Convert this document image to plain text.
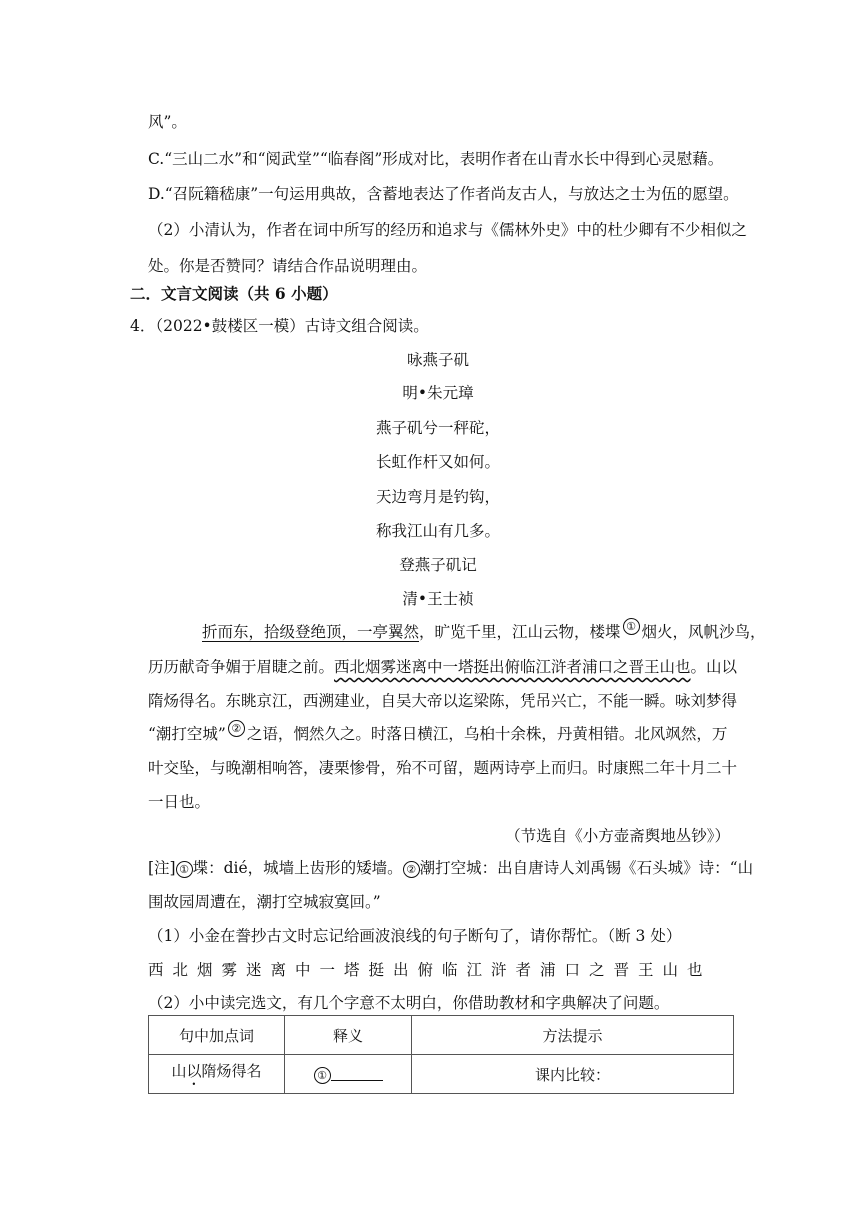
风”。
C.“三山二水”和“阅武堂”“临春阁”形成对比，表明作者在山青水长中得到心灵慰藉。
D.“召阮籍嵇康”一句运用典故，含蓄地表达了作者尚友古人，与放达之士为伍的愿望。
（2）小清认为，作者在词中所写的经历和追求与《儒林外史》中的杜少卿有不少相似之
处。你是否赞同？请结合作品说明理由。
二．文言文阅读（共 6 小题）
4．（2022•鼓楼区一模）古诗文组合阅读。
咏燕子矶
明•朱元璋
燕子矶兮一秤砣，
长虹作杆又如何。
天边弯月是钓钩，
称我江山有几多。
登燕子矶记
清•王士祯
折而东，拾级登绝顶，一亭翼然，旷览千里，江山云物，楼堞 ① 烟火，风帆沙鸟，
历历献奇争媚于眉睫之前。西北烟雾迷离中一塔挺出俯临江浒者浦口之晋王山也。山以
隋炀得名。东眺京江，西溯建业，自吴大帝以迄梁陈，凭吊兴亡，不能一瞬。咏刘梦得
“潮打空城” ② 之语，惘然久之。时落日横江，乌桕十余株，丹黄相错。北风飒然，万
叶交坠，与晚潮相响答，凄栗惨骨，殆不可留，题两诗亭上而归。时康熙二年十月二十
一日也。
（节选自《小方壶斋舆地丛钞》）
[注] ① 堞：dié，城墙上齿形的矮墙。 ② 潮打空城：出自唐诗人刘禹锡《石头城》诗：“山
围故园周遭在，潮打空城寂寞回。”
（1）小金在誊抄古文时忘记给画波浪线的句子断句了，请你帮忙。（断 3 处）
西北烟雾迷离中一塔挺出俯临江浒者浦口之晋王山也
（2）小中读完选文，有几个字意不太明白，你借助教材和字典解决了问题。
句中加点词	释义	方法提示
山以隋炀得名	①	课内比较：
